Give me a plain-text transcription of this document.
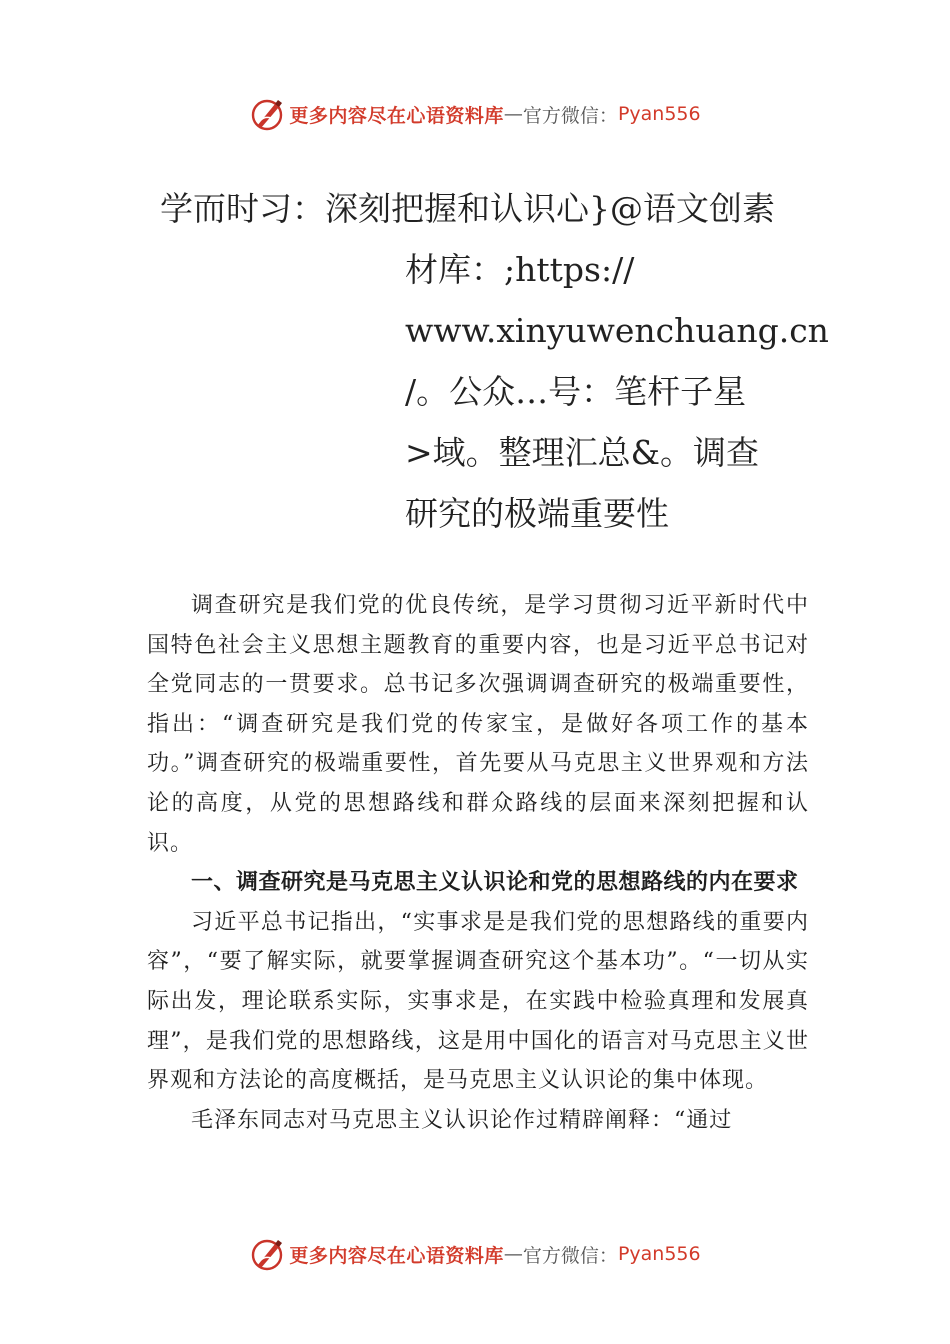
更多内容尽在心语资料库 — 官方微信： Pyan556
学而时习：深刻把握和认识心}@语文创素
材库：;https://
www.xinyuwenchuang.cn
/。公众…号：笔杆子星
>域。整理汇总&。调查
研究的极端重要性

调查研究是我们党的优良传统，是学习贯彻习近平新时代中国特色社会主义思想主题教育的重要内容，也是习近平总书记对全党同志的一贯要求。总书记多次强调调查研究的极端重要性，指出：“调查研究是我们党的传家宝，是做好各项工作的基本功。”调查研究的极端重要性，首先要从马克思主义世界观和方法论的高度，从党的思想路线和群众路线的层面来深刻把握和认识。

一、调查研究是马克思主义认识论和党的思想路线的内在要求

习近平总书记指出，“实事求是是我们党的思想路线的重要内容”，“要了解实际，就要掌握调查研究这个基本功”。“一切从实际出发，理论联系实际，实事求是，在实践中检验真理和发展真理”，是我们党的思想路线，这是用中国化的语言对马克思主义世界观和方法论的高度概括，是马克思主义认识论的集中体现。

毛泽东同志对马克思主义认识论作过精辟阐释：“通过

更多内容尽在心语资料库 — 官方微信： Pyan556
